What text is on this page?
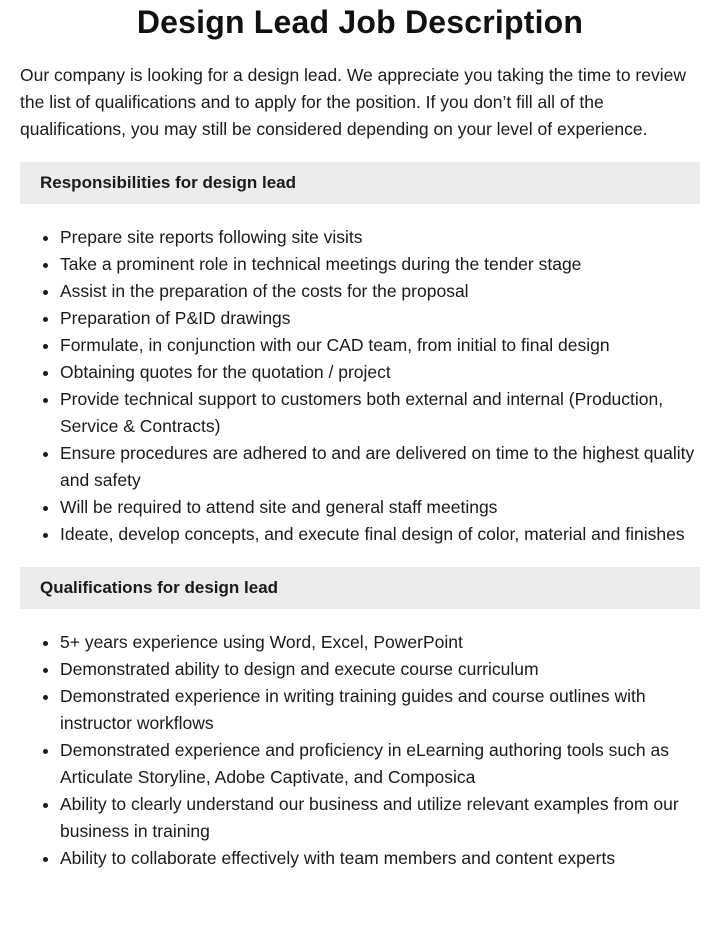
Design Lead Job Description

Our company is looking for a design lead. We appreciate you taking the time to review the list of qualifications and to apply for the position. If you don’t fill all of the qualifications, you may still be considered depending on your level of experience.

Responsibilities for design lead
• Prepare site reports following site visits
• Take a prominent role in technical meetings during the tender stage
• Assist in the preparation of the costs for the proposal
• Preparation of P&ID drawings
• Formulate, in conjunction with our CAD team, from initial to final design
• Obtaining quotes for the quotation / project
• Provide technical support to customers both external and internal (Production, Service & Contracts)
• Ensure procedures are adhered to and are delivered on time to the highest quality and safety
• Will be required to attend site and general staff meetings
• Ideate, develop concepts, and execute final design of color, material and finishes
Qualifications for design lead
• 5+ years experience using Word, Excel, PowerPoint
• Demonstrated ability to design and execute course curriculum
• Demonstrated experience in writing training guides and course outlines with instructor workflows
• Demonstrated experience and proficiency in eLearning authoring tools such as Articulate Storyline, Adobe Captivate, and Composica
• Ability to clearly understand our business and utilize relevant examples from our business in training
• Ability to collaborate effectively with team members and content experts
